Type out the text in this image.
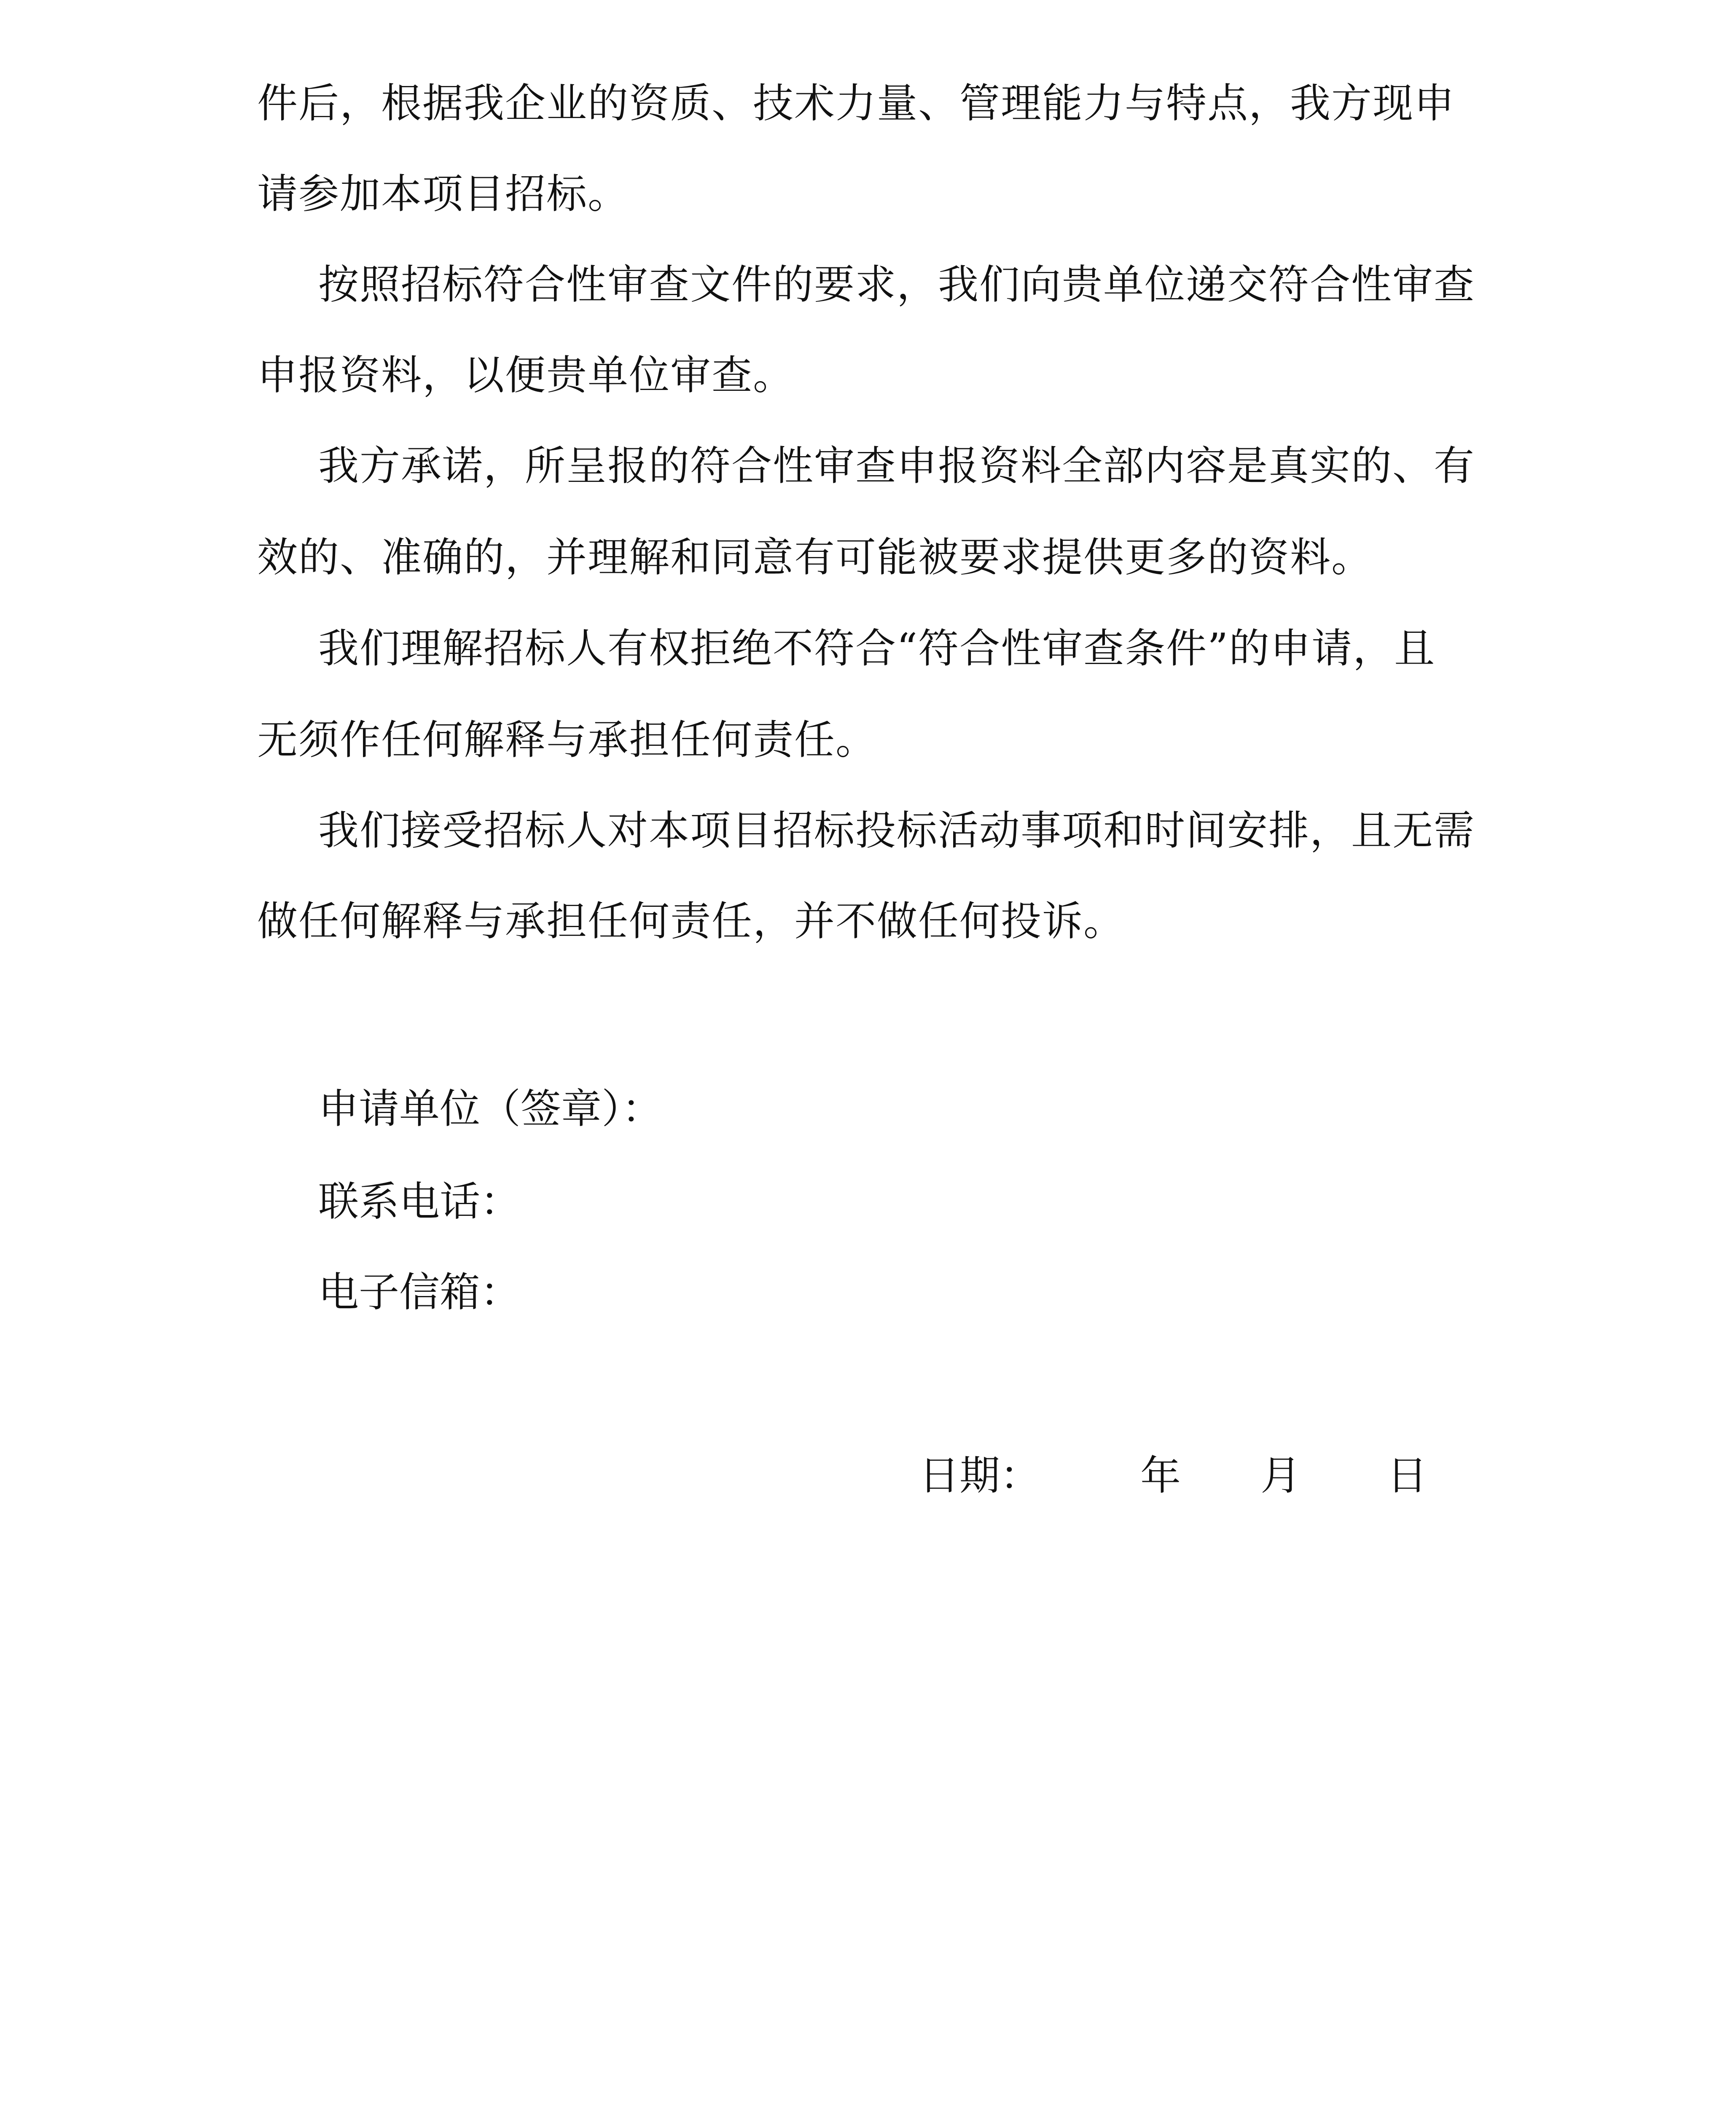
件后，根据我企业的资质、技术力量、管理能力与特点，我方现申
请参加本项目招标。
按照招标符合性审查文件的要求，我们向贵单位递交符合性审查
申报资料，以便贵单位审查。
我方承诺，所呈报的符合性审查申报资料全部内容是真实的、有
效的、准确的，并理解和同意有可能被要求提供更多的资料。
我们理解招标人有权拒绝不符合“符合性审查条件”的申请，且
无须作任何解释与承担任何责任。
我们接受招标人对本项目招标投标活动事项和时间安排，且无需
做任何解释与承担任何责任，并不做任何投诉。
申请单位（签章）：
联系电话：
电子信箱：
日期： 年 月 日
